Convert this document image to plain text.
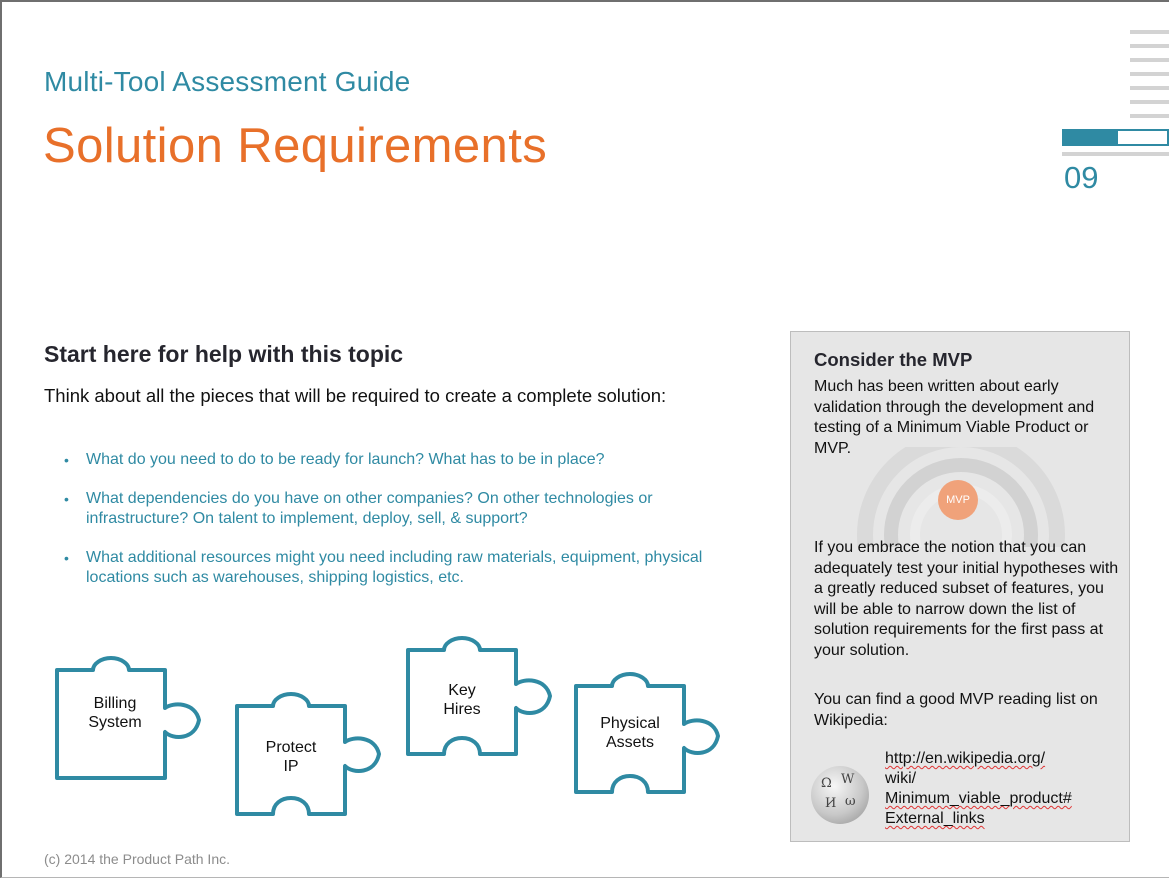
Multi-Tool Assessment Guide
Solution Requirements
09
Start here for help with this topic
Think about all the pieces that will be required to create a complete solution:
• What do you need to do to be ready for launch? What has to be in place?
• What dependencies do you have on other companies? On other technologies or infrastructure? On talent to implement, deploy, sell, & support?
• What additional resources might you need including raw materials, equipment, physical locations such as warehouses, shipping logistics, etc.
Billing
System
Protect
IP
Key
Hires
Physical
Assets
(c) 2014 the Product Path Inc.
Consider the MVP
Much has been written about early validation through the development and testing of a Minimum Viable Product or MVP.
MVP
If you embrace the notion that you can adequately test your initial hypotheses with a greatly reduced subset of features, you will be able to narrow down the list of solution requirements for the first pass at your solution.
You can find a good MVP reading list on Wikipedia:
Ω W
И ω
http://en.wikipedia.org/
wiki/
Minimum_viable_product#
External_links
